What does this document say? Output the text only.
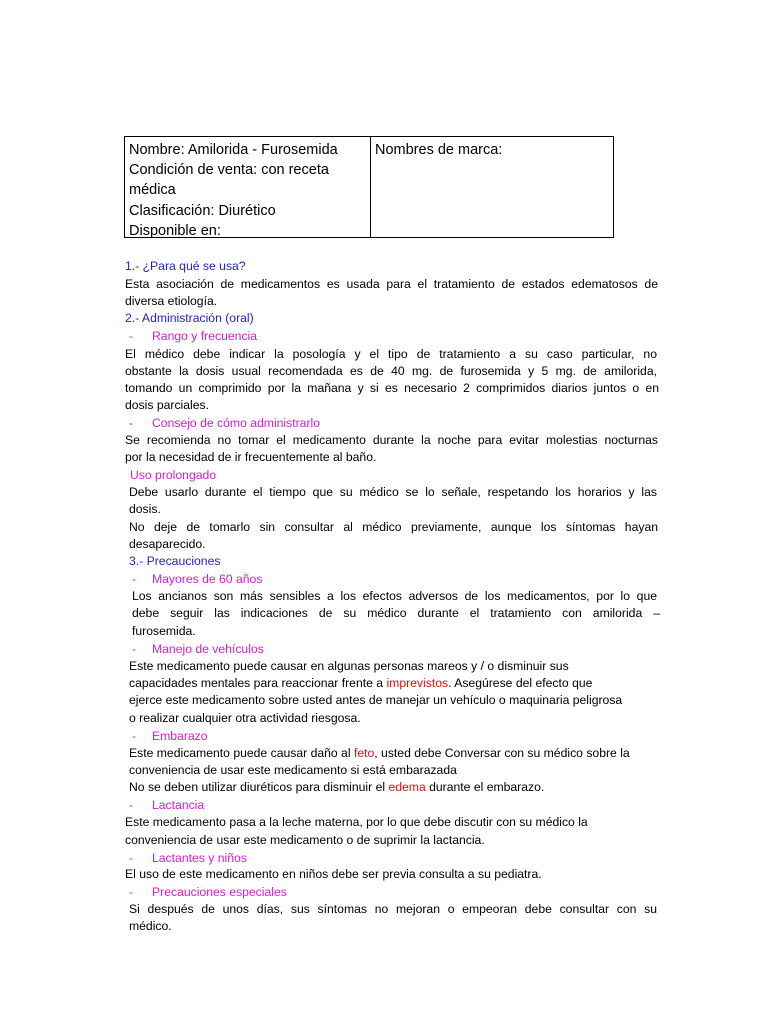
Nombre: Amilorida - Furosemida
Condición de venta: con receta
médica
Clasificación: Diurético
Disponible en:
Nombres de marca:
1.- ¿Para qué se usa?
Esta asociación de medicamentos es usada para el tratamiento de estados edematosos de
diversa etiología.
2.- Administración (oral)
- Rango y frecuencia
El médico debe indicar la posología y el tipo de tratamiento a su caso particular, no
obstante la dosis usual recomendada es de 40 mg. de furosemida y 5 mg. de amilorida,
tomando un comprimido por la mañana y si es necesario 2 comprimidos diarios juntos o en
dosis parciales.
- Consejo de cómo administrarlo
Se recomienda no tomar el medicamento durante la noche para evitar molestias nocturnas
por la necesidad de ir frecuentemente al baño.
Uso prolongado
Debe usarlo durante el tiempo que su médico se lo señale, respetando los horarios y las
dosis.
No deje de tomarlo sin consultar al médico previamente, aunque los síntomas hayan
desaparecido.
3.- Precauciones
- Mayores de 60 años
Los ancianos son más sensibles a los efectos adversos de los medicamentos, por lo que
debe seguir las indicaciones de su médico durante el tratamiento con amilorida –
furosemida.
- Manejo de vehículos
Este medicamento puede causar en algunas personas mareos y / o disminuir sus
capacidades mentales para reaccionar frente a imprevistos. Asegúrese del efecto que
ejerce este medicamento sobre usted antes de manejar un vehículo o maquinaria peligrosa
o realizar cualquier otra actividad riesgosa.
- Embarazo
Este medicamento puede causar daño al feto, usted debe Conversar con su médico sobre la
conveniencia de usar este medicamento si está embarazada
No se deben utilizar diuréticos para disminuir el edema durante el embarazo.
- Lactancia
Este medicamento pasa a la leche materna, por lo que debe discutir con su médico la
conveniencia de usar este medicamento o de suprimir la lactancia.
- Lactantes y niños
El uso de este medicamento en niños debe ser previa consulta a su pediatra.
- Precauciones especiales
Si después de unos días, sus síntomas no mejoran o empeoran debe consultar con su
médico.
